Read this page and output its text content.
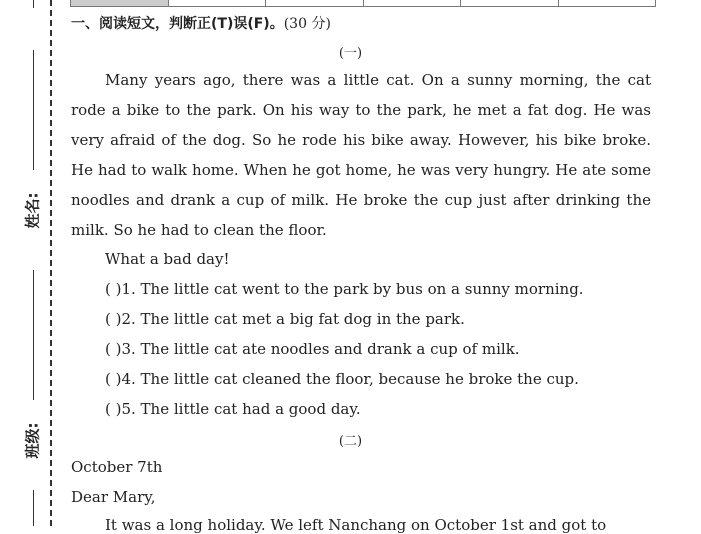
姓名:
班级:
一、阅读短文，判断正(T)误(F)。(30 分)
(一)
Many years ago, there was a little cat. On a sunny morning, the cat rode a bike to the park. On his way to the park, he met a fat dog. He was very afraid of the dog. So he rode his bike away. However, his bike broke. He had to walk home. When he got home, he was very hungry. He ate some noodles and drank a cup of milk. He broke the cup just after drinking the milk. So he had to clean the floor.
What a bad day!
( )1. The little cat went to the park by bus on a sunny morning.
( )2. The little cat met a big fat dog in the park.
( )3. The little cat ate noodles and drank a cup of milk.
( )4. The little cat cleaned the floor, because he broke the cup.
( )5. The little cat had a good day.
(二)
October 7th
Dear Mary,
It was a long holiday. We left Nanchang on October 1st and got to
